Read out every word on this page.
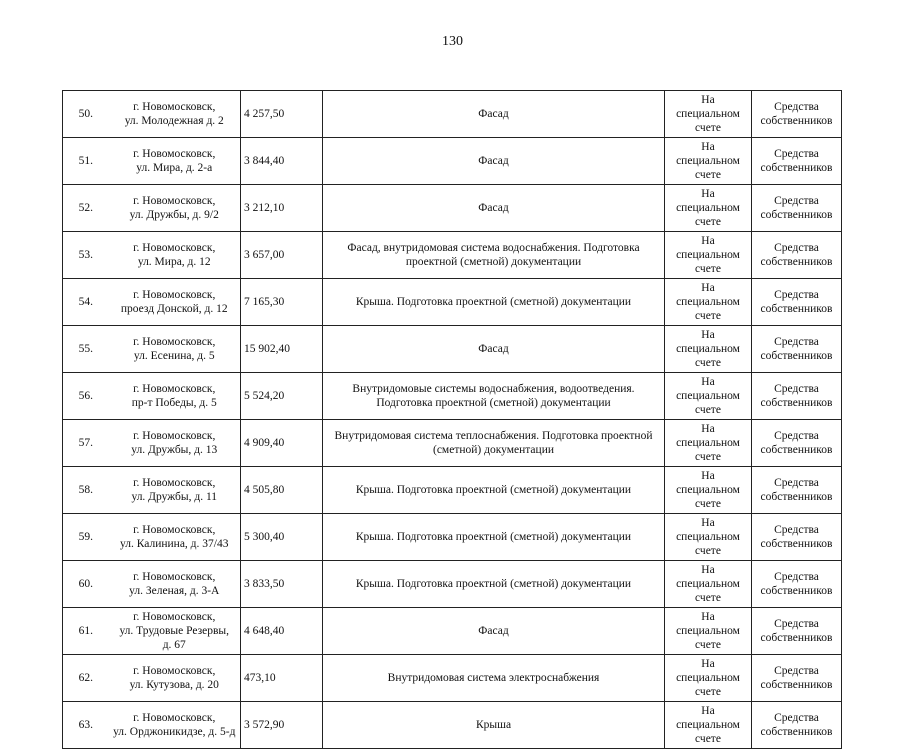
130
50.	г. Новомосковск,
ул. Молодежная д. 2	4 257,50	Фасад	На специальном
счете	Средства
собственников

51.	г. Новомосковск,
ул. Мира, д. 2-а	3 844,40	Фасад	На специальном
счете	Средства
собственников

52.	г. Новомосковск,
ул. Дружбы, д. 9/2	3 212,10	Фасад	На специальном
счете	Средства
собственников

53.	г. Новомосковск,
ул. Мира, д. 12	3 657,00	Фасад, внутридомовая система водоснабжения. Подготовка проектной (сметной) документации	На специальном
счете	Средства
собственников

54.	г. Новомосковск,
проезд Донской, д. 12	7 165,30	Крыша. Подготовка проектной (сметной) документации	На специальном
счете	Средства
собственников

55.	г. Новомосковск,
ул. Есенина, д. 5	15 902,40	Фасад	На специальном
счете	Средства
собственников

56.	г. Новомосковск,
пр-т Победы, д. 5	5 524,20	Внутридомовые системы водоснабжения, водоотведения. Подготовка проектной (сметной) документации	На специальном
счете	Средства
собственников

57.	г. Новомосковск,
ул. Дружбы, д. 13	4 909,40	Внутридомовая система теплоснабжения. Подготовка проектной (сметной) документации	На специальном
счете	Средства
собственников

58.	г. Новомосковск,
ул. Дружбы, д. 11	4 505,80	Крыша. Подготовка проектной (сметной) документации	На специальном
счете	Средства
собственников

59.	г. Новомосковск,
ул. Калинина, д. 37/43	5 300,40	Крыша. Подготовка проектной (сметной) документации	На специальном
счете	Средства
собственников

60.	г. Новомосковск,
ул. Зеленая, д. 3-А	3 833,50	Крыша. Подготовка проектной (сметной) документации	На специальном
счете	Средства
собственников

61.	г. Новомосковск,
ул. Трудовые Резервы,
д. 67	4 648,40	Фасад	На специальном
счете	Средства
собственников

62.	г. Новомосковск,
ул. Кутузова, д. 20	473,10	Внутридомовая система электроснабжения	На специальном
счете	Средства
собственников

63.	г. Новомосковск,
ул. Орджоникидзе, д. 5-д	3 572,90	Крыша	На специальном
счете	Средства
собственников
